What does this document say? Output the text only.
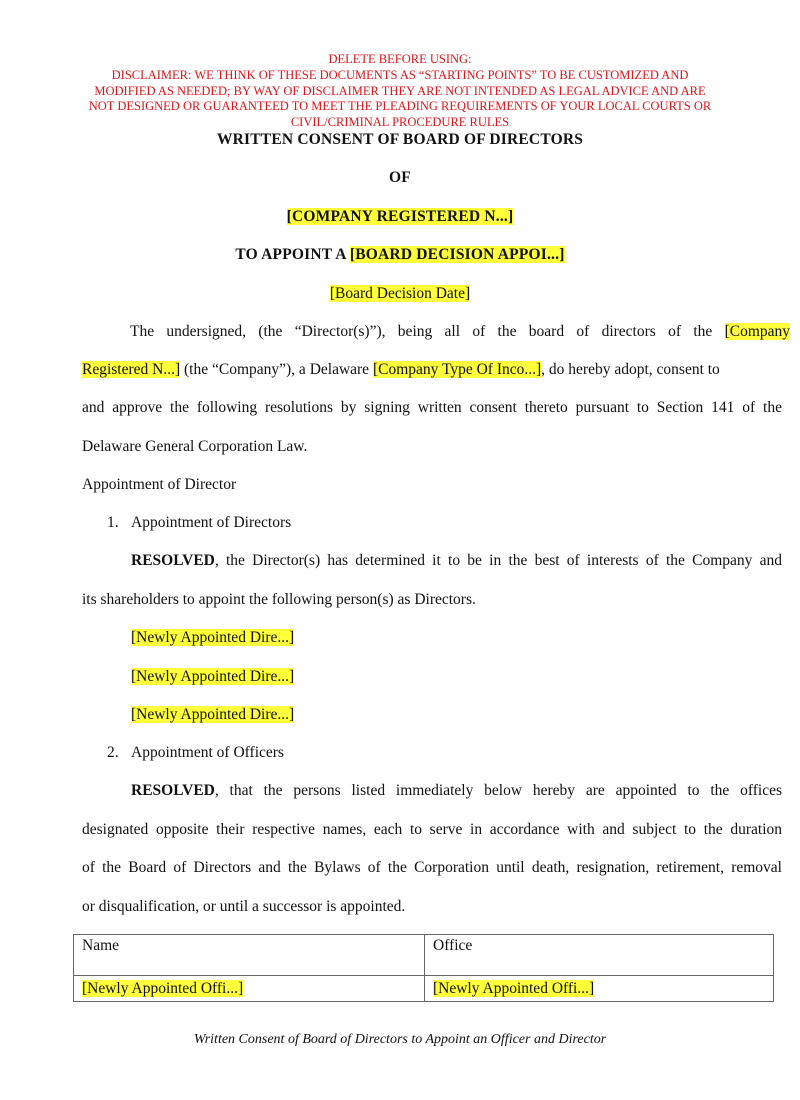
DELETE BEFORE USING:
DISCLAIMER: WE THINK OF THESE DOCUMENTS AS “STARTING POINTS” TO BE CUSTOMIZED AND
MODIFIED AS NEEDED; BY WAY OF DISCLAIMER THEY ARE NOT INTENDED AS LEGAL ADVICE AND ARE
NOT DESIGNED OR GUARANTEED TO MEET THE PLEADING REQUIREMENTS OF YOUR LOCAL COURTS OR
CIVIL/CRIMINAL PROCEDURE RULES
WRITTEN CONSENT OF BOARD OF DIRECTORS
OF
[COMPANY REGISTERED N...]
TO APPOINT A [BOARD DECISION APPOI...]
[Board Decision Date]
The undersigned, (the “Director(s)”), being all of the board of directors of the [Company
Registered N...] (the “Company”), a Delaware [Company Type Of Inco...], do hereby adopt, consent to
and approve the following resolutions by signing written consent thereto pursuant to Section 141 of the
Delaware General Corporation Law.
Appointment of Director
1. Appointment of Directors
RESOLVED, the Director(s) has determined it to be in the best of interests of the Company and
its shareholders to appoint the following person(s) as Directors.
[Newly Appointed Dire...]
[Newly Appointed Dire...]
[Newly Appointed Dire...]
2. Appointment of Officers
RESOLVED, that the persons listed immediately below hereby are appointed to the offices
designated opposite their respective names, each to serve in accordance with and subject to the duration
of the Board of Directors and the Bylaws of the Corporation until death, resignation, retirement, removal
or disqualification, or until a successor is appointed.
Name	Office
[Newly Appointed Offi...]	[Newly Appointed Offi...]
Written Consent of Board of Directors to Appoint an Officer and Director
